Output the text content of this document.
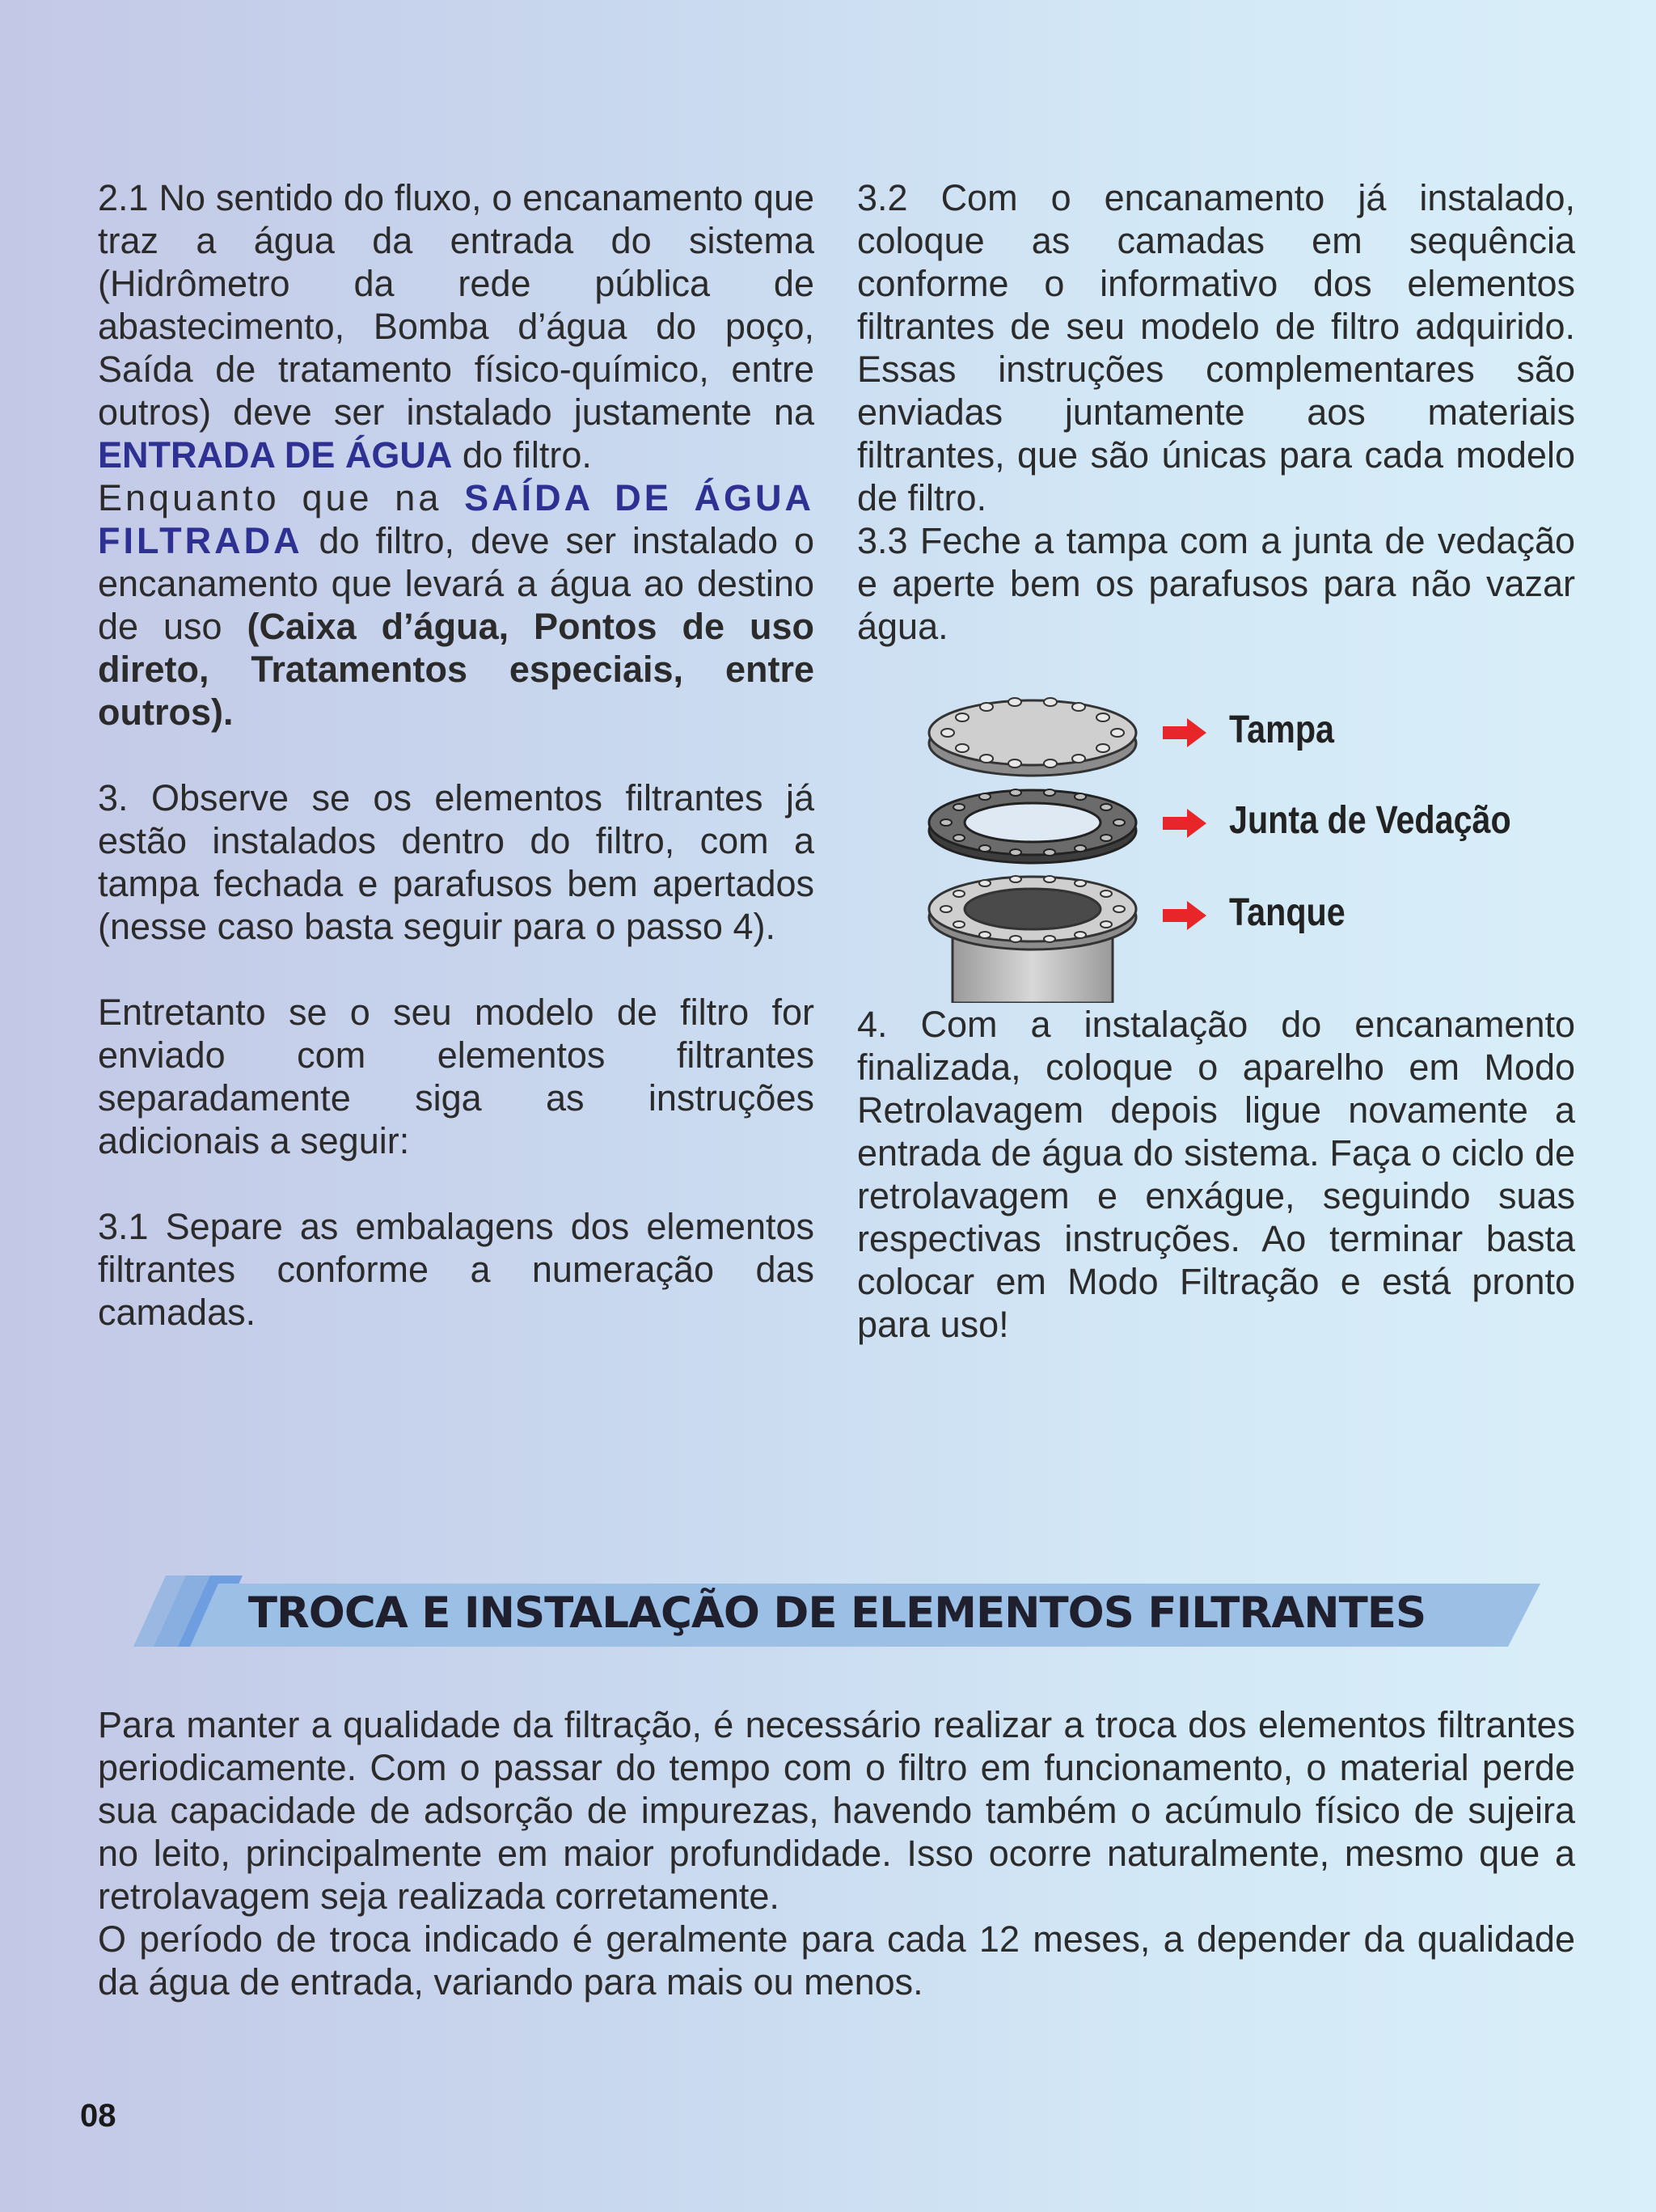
2.1 No sentido do fluxo, o encanamento que traz a água da entrada do sistema (Hidrômetro da rede pública de abastecimento, Bomba d’água do poço, Saída de tratamento físico-químico, entre outros) deve ser instalado justamente na ENTRADA DE ÁGUA do filtro.

Enquanto que na SAÍDA DE ÁGUA FILTRADA do filtro, deve ser instalado o encanamento que levará a água ao destino de uso (Caixa d’água, Pontos de uso direto, Tratamentos especiais, entre outros).

3. Observe se os elementos filtrantes já estão instalados dentro do filtro, com a tampa fechada e parafusos bem apertados (nesse caso basta seguir para o passo 4).

Entretanto se o seu modelo de filtro for enviado com elementos filtrantes separadamente siga as instruções adicionais a seguir:

3.1 Separe as embalagens dos elementos filtrantes conforme a numeração das camadas.

3.2 Com o encanamento já instalado, coloque as camadas em sequência conforme o informativo dos elementos filtrantes de seu modelo de filtro adquirido. Essas instruções complementares são enviadas juntamente aos materiais filtrantes, que são únicas para cada modelo de filtro.

3.3 Feche a tampa com a junta de vedação e aperte bem os parafusos para não vazar água.

Tampa
Junta de Vedação
Tanque

4. Com a instalação do encanamento finalizada, coloque o aparelho em Modo Retrolavagem depois ligue novamente a entrada de água do sistema. Faça o ciclo de retrolavagem e enxágue, seguindo suas respectivas instruções. Ao terminar basta colocar em Modo Filtração e está pronto para uso!

TROCA E INSTALAÇÃO DE ELEMENTOS FILTRANTES

Para manter a qualidade da filtração, é necessário realizar a troca dos elementos filtrantes periodicamente. Com o passar do tempo com o filtro em funcionamento, o material perde sua capacidade de adsorção de impurezas, havendo também o acúmulo físico de sujeira no leito, principalmente em maior profundidade. Isso ocorre naturalmente, mesmo que a retrolavagem seja realizada corretamente.

O período de troca indicado é geralmente para cada 12 meses, a depender da qualidade da água de entrada, variando para mais ou menos.

08
